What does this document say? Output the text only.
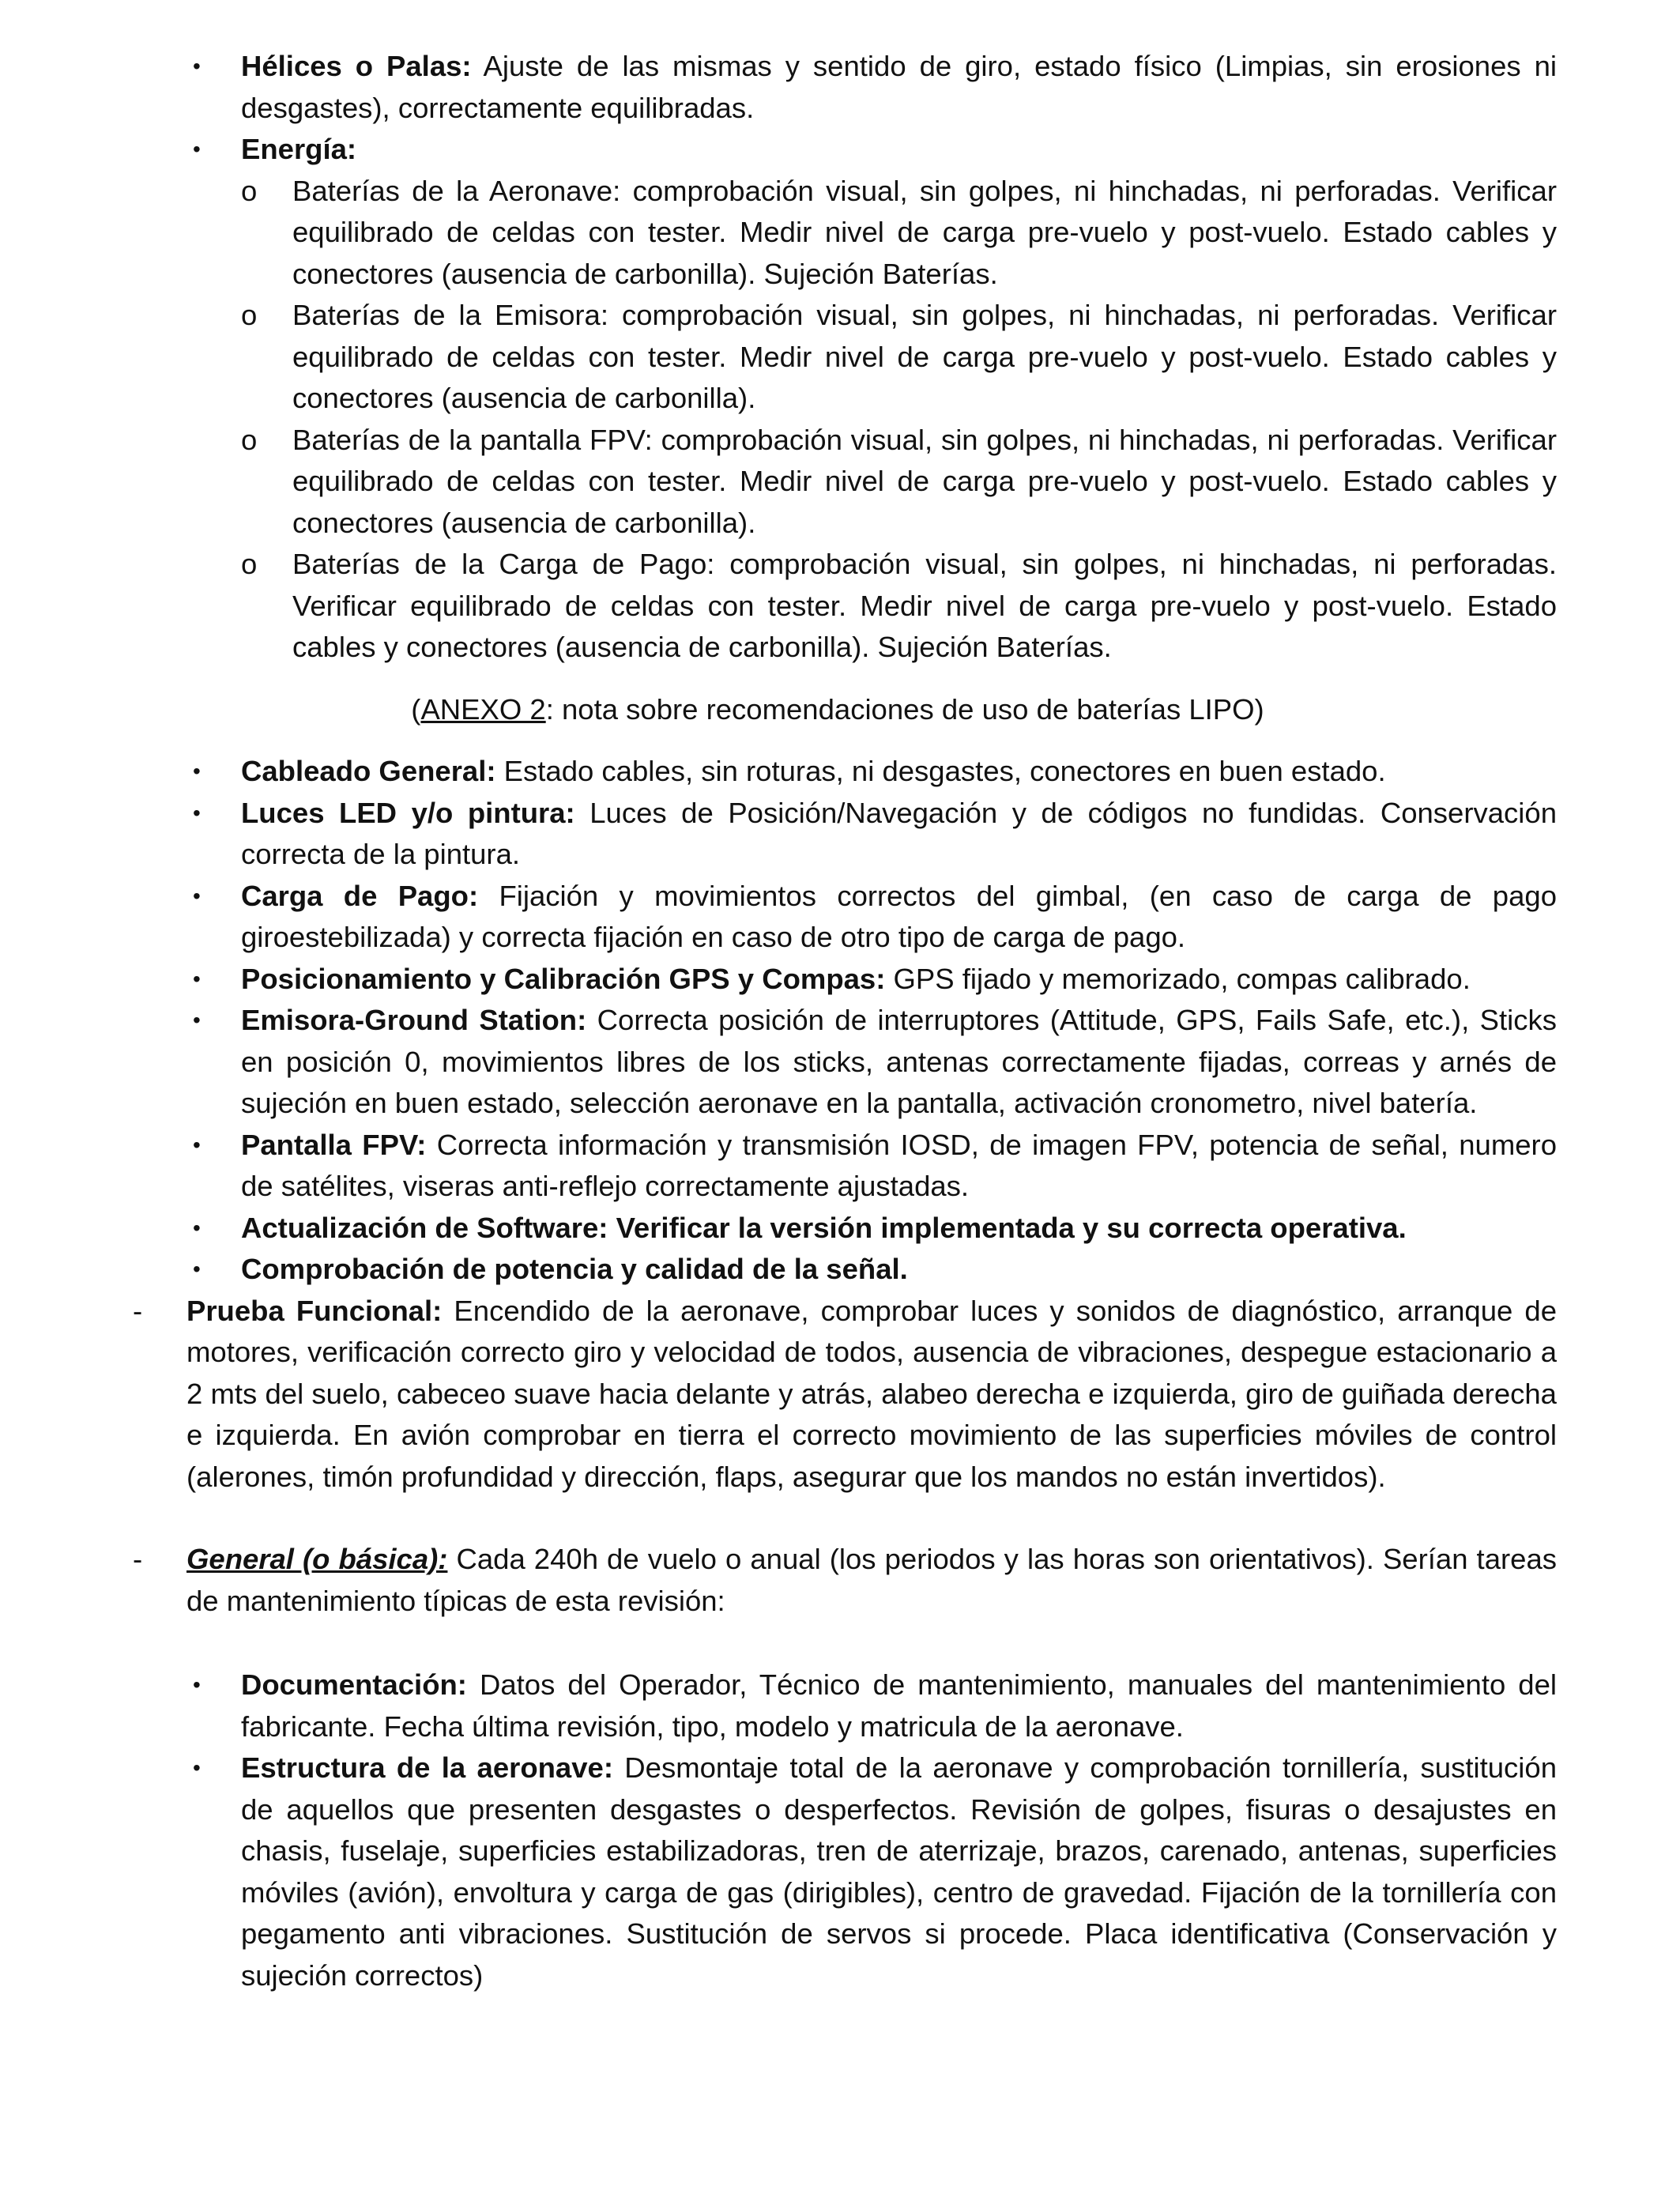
• Hélices o Palas: Ajuste de las mismas y sentido de giro, estado físico (Limpias, sin erosiones ni desgastes), correctamente equilibradas.
• Energía:
o Baterías de la Aeronave: comprobación visual, sin golpes, ni hinchadas, ni perforadas. Verificar equilibrado de celdas con tester. Medir nivel de carga pre-vuelo y post-vuelo. Estado cables y conectores (ausencia de carbonilla). Sujeción Baterías.
o Baterías de la Emisora: comprobación visual, sin golpes, ni hinchadas, ni perforadas. Verificar equilibrado de celdas con tester. Medir nivel de carga pre-vuelo y post-vuelo. Estado cables y conectores (ausencia de carbonilla).
o Baterías de la pantalla FPV: comprobación visual, sin golpes, ni hinchadas, ni perforadas. Verificar equilibrado de celdas con tester. Medir nivel de carga pre-vuelo y post-vuelo. Estado cables y conectores (ausencia de carbonilla).
o Baterías de la Carga de Pago: comprobación visual, sin golpes, ni hinchadas, ni perforadas. Verificar equilibrado de celdas con tester. Medir nivel de carga pre-vuelo y post-vuelo. Estado cables y conectores (ausencia de carbonilla). Sujeción Baterías.
(ANEXO 2: nota sobre recomendaciones de uso de baterías LIPO)
• Cableado General: Estado cables, sin roturas, ni desgastes, conectores en buen estado.
• Luces LED y/o pintura: Luces de Posición/Navegación y de códigos no fundidas. Conservación correcta de la pintura.
• Carga de Pago: Fijación y movimientos correctos del gimbal, (en caso de carga de pago giroestebilizada) y correcta fijación en caso de otro tipo de carga de pago.
• Posicionamiento y Calibración GPS y Compas: GPS fijado y memorizado, compas calibrado.
• Emisora-Ground Station: Correcta posición de interruptores (Attitude, GPS, Fails Safe, etc.), Sticks en posición 0, movimientos libres de los sticks, antenas correctamente fijadas, correas y arnés de sujeción en buen estado, selección aeronave en la pantalla, activación cronometro, nivel batería.
• Pantalla FPV: Correcta información y transmisión IOSD, de imagen FPV, potencia de señal, numero de satélites, viseras anti-reflejo correctamente ajustadas.
• Actualización de Software: Verificar la versión implementada y su correcta operativa.
• Comprobación de potencia y calidad de la señal.
- Prueba Funcional: Encendido de la aeronave, comprobar luces y sonidos de diagnóstico, arranque de motores, verificación correcto giro y velocidad de todos, ausencia de vibraciones, despegue estacionario a 2 mts del suelo, cabeceo suave hacia delante y atrás, alabeo derecha e izquierda, giro de guiñada derecha e izquierda. En avión comprobar en tierra el correcto movimiento de las superficies móviles de control (alerones, timón profundidad y dirección, flaps, asegurar que los mandos no están invertidos).
- General (o básica): Cada 240h de vuelo o anual (los periodos y las horas son orientativos). Serían tareas de mantenimiento típicas de esta revisión:
• Documentación: Datos del Operador, Técnico de mantenimiento, manuales del mantenimiento del fabricante. Fecha última revisión, tipo, modelo y matricula de la aeronave.
• Estructura de la aeronave: Desmontaje total de la aeronave y comprobación tornillería, sustitución de aquellos que presenten desgastes o desperfectos. Revisión de golpes, fisuras o desajustes en chasis, fuselaje, superficies estabilizadoras, tren de aterrizaje, brazos, carenado, antenas, superficies móviles (avión), envoltura y carga de gas (dirigibles), centro de gravedad. Fijación de la tornillería con pegamento anti vibraciones. Sustitución de servos si procede. Placa identificativa (Conservación y sujeción correctos)
